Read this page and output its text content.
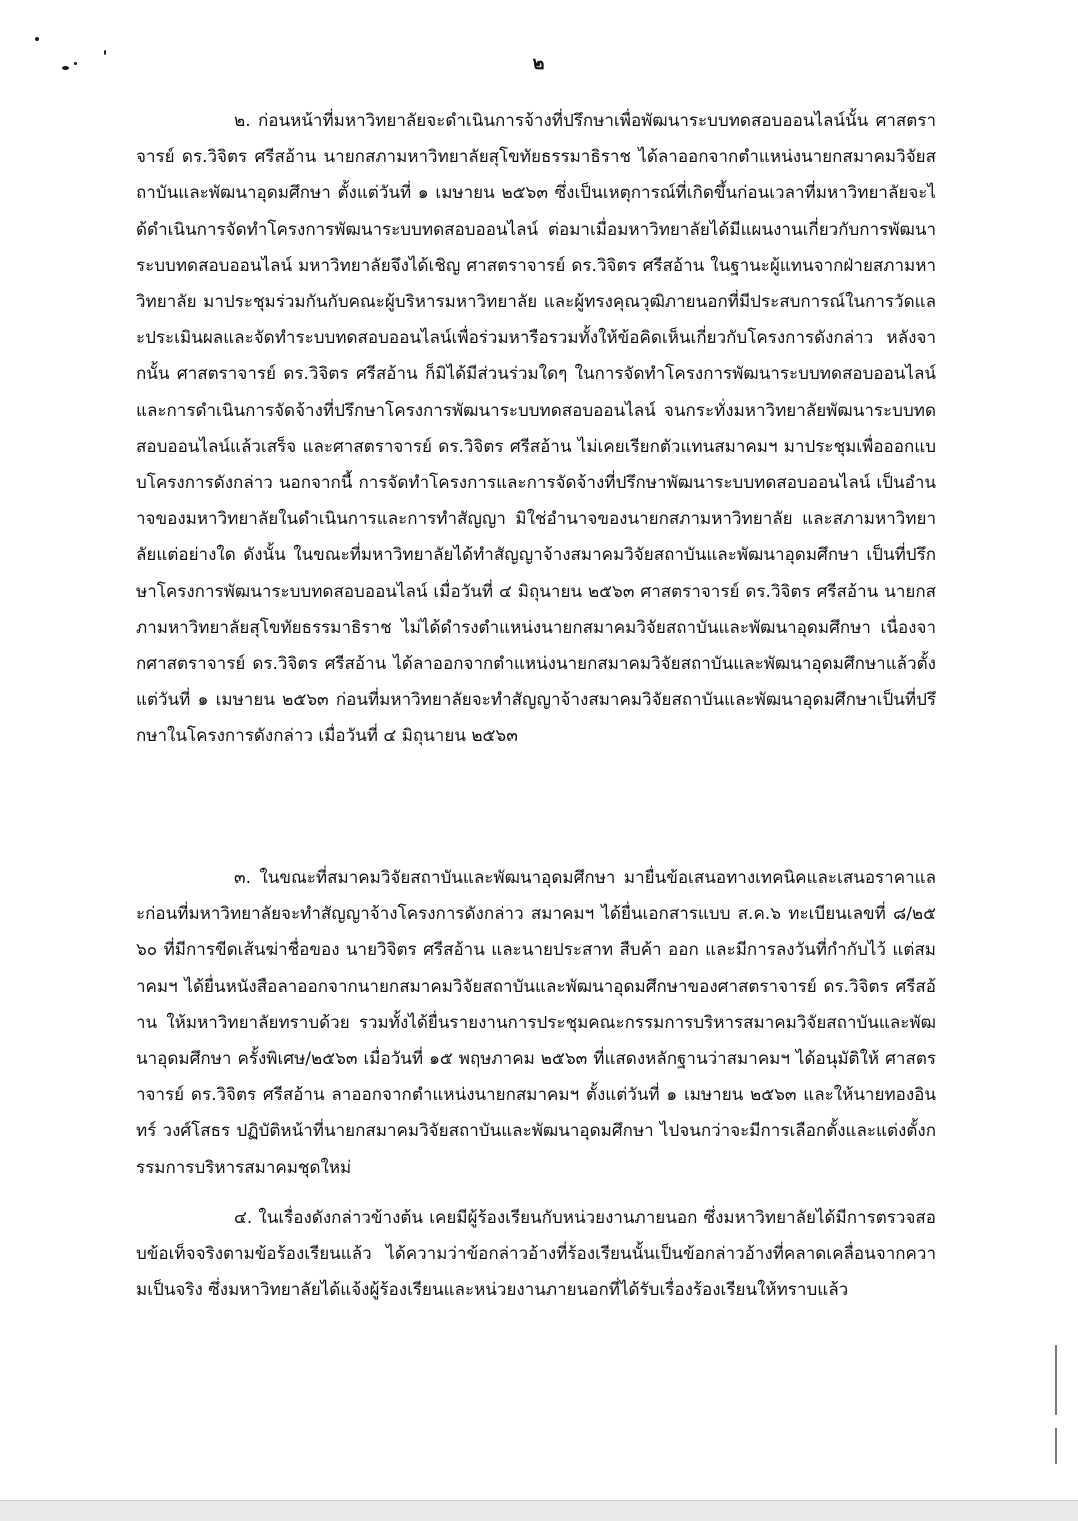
๒

๒. ก่อนหน้าที่มหาวิทยาลัยจะดำเนินการจ้างที่ปรึกษาเพื่อพัฒนาระบบทดสอบออนไลน์นั้น ศาสตราจารย์ ดร.วิจิตร ศรีสอ้าน นายกสภามหาวิทยาลัยสุโขทัยธรรมาธิราช ได้ลาออกจากตำแหน่งนายกสมาคมวิจัยสถาบันและพัฒนาอุดมศึกษา ตั้งแต่วันที่ ๑ เมษายน ๒๕๖๓ ซึ่งเป็นเหตุการณ์ที่เกิดขึ้นก่อนเวลาที่มหาวิทยาลัยจะได้ดำเนินการจัดทำโครงการพัฒนาระบบทดสอบออนไลน์ ต่อมาเมื่อมหาวิทยาลัยได้มีแผนงานเกี่ยวกับการพัฒนาระบบทดสอบออนไลน์ มหาวิทยาลัยจึงได้เชิญ ศาสตราจารย์ ดร.วิจิตร ศรีสอ้าน ในฐานะผู้แทนจากฝ่ายสภามหาวิทยาลัย มาประชุมร่วมกันกับคณะผู้บริหารมหาวิทยาลัย และผู้ทรงคุณวุฒิภายนอกที่มีประสบการณ์ในการวัดและประเมินผลและจัดทำระบบทดสอบออนไลน์เพื่อร่วมหารือรวมทั้งให้ข้อคิดเห็นเกี่ยวกับโครงการดังกล่าว หลังจากนั้น ศาสตราจารย์ ดร.วิจิตร ศรีสอ้าน ก็มิได้มีส่วนร่วมใดๆ ในการจัดทำโครงการพัฒนาระบบทดสอบออนไลน์และการดำเนินการจัดจ้างที่ปรึกษาโครงการพัฒนาระบบทดสอบออนไลน์ จนกระทั่งมหาวิทยาลัยพัฒนาระบบทดสอบออนไลน์แล้วเสร็จ และศาสตราจารย์ ดร.วิจิตร ศรีสอ้าน ไม่เคยเรียกตัวแทนสมาคมฯ มาประชุมเพื่อออกแบบโครงการดังกล่าว นอกจากนี้ การจัดทำโครงการและการจัดจ้างที่ปรึกษาพัฒนาระบบทดสอบออนไลน์ เป็นอำนาจของมหาวิทยาลัยในดำเนินการและการทำสัญญา มิใช่อำนาจของนายกสภามหาวิทยาลัย และสภามหาวิทยาลัยแต่อย่างใด ดังนั้น ในขณะที่มหาวิทยาลัยได้ทำสัญญาจ้างสมาคมวิจัยสถาบันและพัฒนาอุดมศึกษา เป็นที่ปรึกษาโครงการพัฒนาระบบทดสอบออนไลน์ เมื่อวันที่ ๔ มิถุนายน ๒๕๖๓ ศาสตราจารย์ ดร.วิจิตร ศรีสอ้าน นายกสภามหาวิทยาลัยสุโขทัยธรรมาธิราช ไม่ได้ดำรงตำแหน่งนายกสมาคมวิจัยสถาบันและพัฒนาอุดมศึกษา เนื่องจากศาสตราจารย์ ดร.วิจิตร ศรีสอ้าน ได้ลาออกจากตำแหน่งนายกสมาคมวิจัยสถาบันและพัฒนาอุดมศึกษาแล้วตั้งแต่วันที่ ๑ เมษายน ๒๕๖๓ ก่อนที่มหาวิทยาลัยจะทำสัญญาจ้างสมาคมวิจัยสถาบันและพัฒนาอุดมศึกษาเป็นที่ปรึกษาในโครงการดังกล่าว เมื่อวันที่ ๔ มิถุนายน ๒๕๖๓

๓. ในขณะที่สมาคมวิจัยสถาบันและพัฒนาอุดมศึกษา มายื่นข้อเสนอทางเทคนิคและเสนอราคาและก่อนที่มหาวิทยาลัยจะทำสัญญาจ้างโครงการดังกล่าว สมาคมฯ ได้ยื่นเอกสารแบบ ส.ค.๖ ทะเบียนเลขที่ ๘/๒๕๖๐ ที่มีการขีดเส้นฆ่าชื่อของ นายวิจิตร ศรีสอ้าน และนายประสาท สืบค้า ออก และมีการลงวันที่กำกับไว้ แต่สมาคมฯ ได้ยื่นหนังสือลาออกจากนายกสมาคมวิจัยสถาบันและพัฒนาอุดมศึกษาของศาสตราจารย์ ดร.วิจิตร ศรีสอ้าน ให้มหาวิทยาลัยทราบด้วย รวมทั้งได้ยื่นรายงานการประชุมคณะกรรมการบริหารสมาคมวิจัยสถาบันและพัฒนาอุดมศึกษา ครั้งพิเศษ/๒๕๖๓ เมื่อวันที่ ๑๕ พฤษภาคม ๒๕๖๓ ที่แสดงหลักฐานว่าสมาคมฯ ได้อนุมัติให้ ศาสตราจารย์ ดร.วิจิตร ศรีสอ้าน ลาออกจากตำแหน่งนายกสมาคมฯ ตั้งแต่วันที่ ๑ เมษายน ๒๕๖๓ และให้นายทองอินทร์ วงศ์โสธร ปฏิบัติหน้าที่นายกสมาคมวิจัยสถาบันและพัฒนาอุดมศึกษา ไปจนกว่าจะมีการเลือกตั้งและแต่งตั้งกรรมการบริหารสมาคมชุดใหม่

๔. ในเรื่องดังกล่าวข้างต้น เคยมีผู้ร้องเรียนกับหน่วยงานภายนอก ซึ่งมหาวิทยาลัยได้มีการตรวจสอบข้อเท็จจริงตามข้อร้องเรียนแล้ว ได้ความว่าข้อกล่าวอ้างที่ร้องเรียนนั้นเป็นข้อกล่าวอ้างที่คลาดเคลื่อนจากความเป็นจริง ซึ่งมหาวิทยาลัยได้แจ้งผู้ร้องเรียนและหน่วยงานภายนอกที่ได้รับเรื่องร้องเรียนให้ทราบแล้ว
